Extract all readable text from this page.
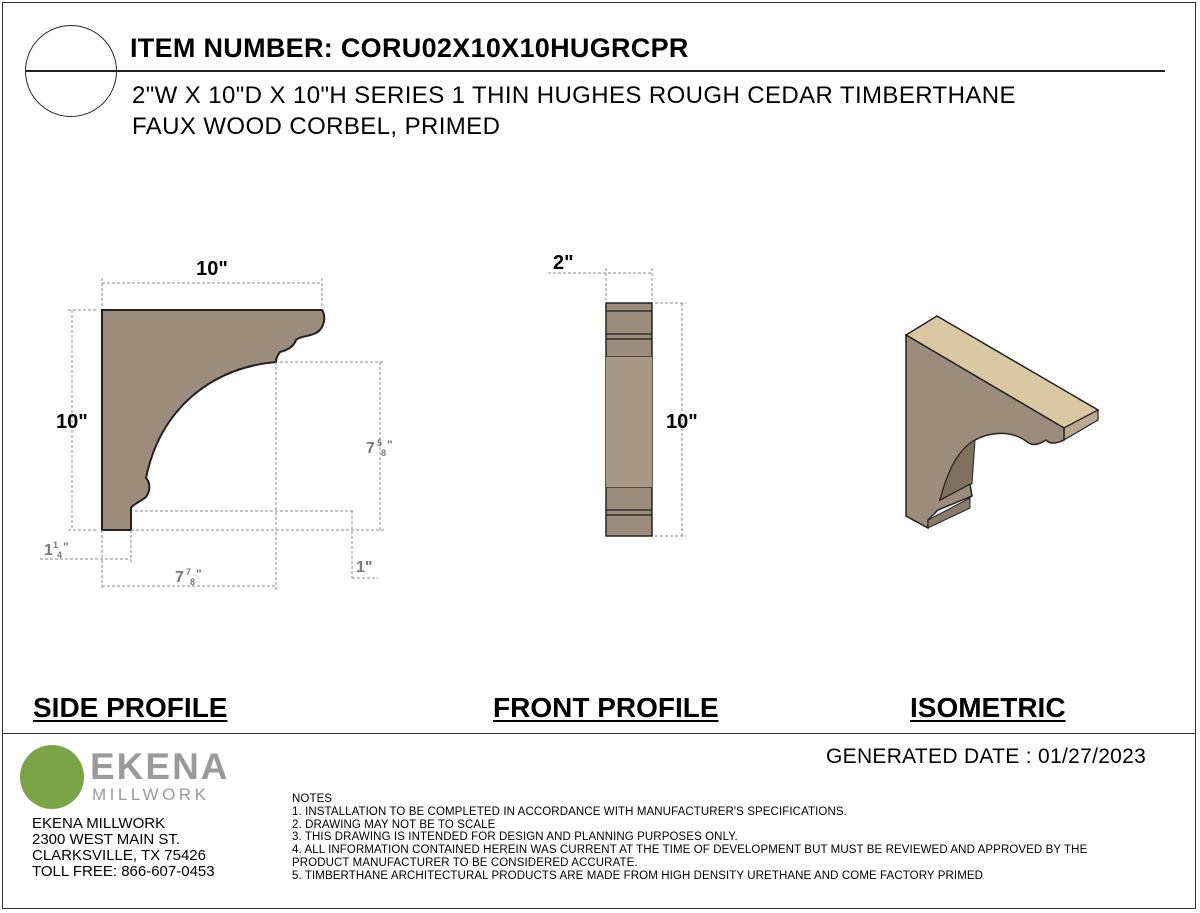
ITEM NUMBER: CORU02X10X10HUGRCPR
2"W X 10"D X 10"H SERIES 1 THIN HUGHES ROUGH CEDAR TIMBERTHANE
FAUX WOOD CORBEL, PRIMED
10"
10"
7 5
8
"
1 1
4
"
7 7
8
"	1"
2"
10"
SIDE PROFILE	FRONT PROFILE	ISOMETRIC
GENERATED DATE : 01/27/2023
EKENA
MILLWORK
EKENA MILLWORK
2300 WEST MAIN ST.
CLARKSVILLE, TX 75426
TOLL FREE: 866-607-0453
NOTES
1. INSTALLATION TO BE COMPLETED IN ACCORDANCE WITH MANUFACTURER'S SPECIFICATIONS.
2. DRAWING MAY NOT BE TO SCALE
3. THIS DRAWING IS INTENDED FOR DESIGN AND PLANNING PURPOSES ONLY.
4. ALL INFORMATION CONTAINED HEREIN WAS CURRENT AT THE TIME OF DEVELOPMENT BUT MUST BE REVIEWED AND APPROVED BY THE
PRODUCT MANUFACTURER TO BE CONSIDERED ACCURATE.
5. TIMBERTHANE ARCHITECTURAL PRODUCTS ARE MADE FROM HIGH DENSITY URETHANE AND COME FACTORY PRIMED
